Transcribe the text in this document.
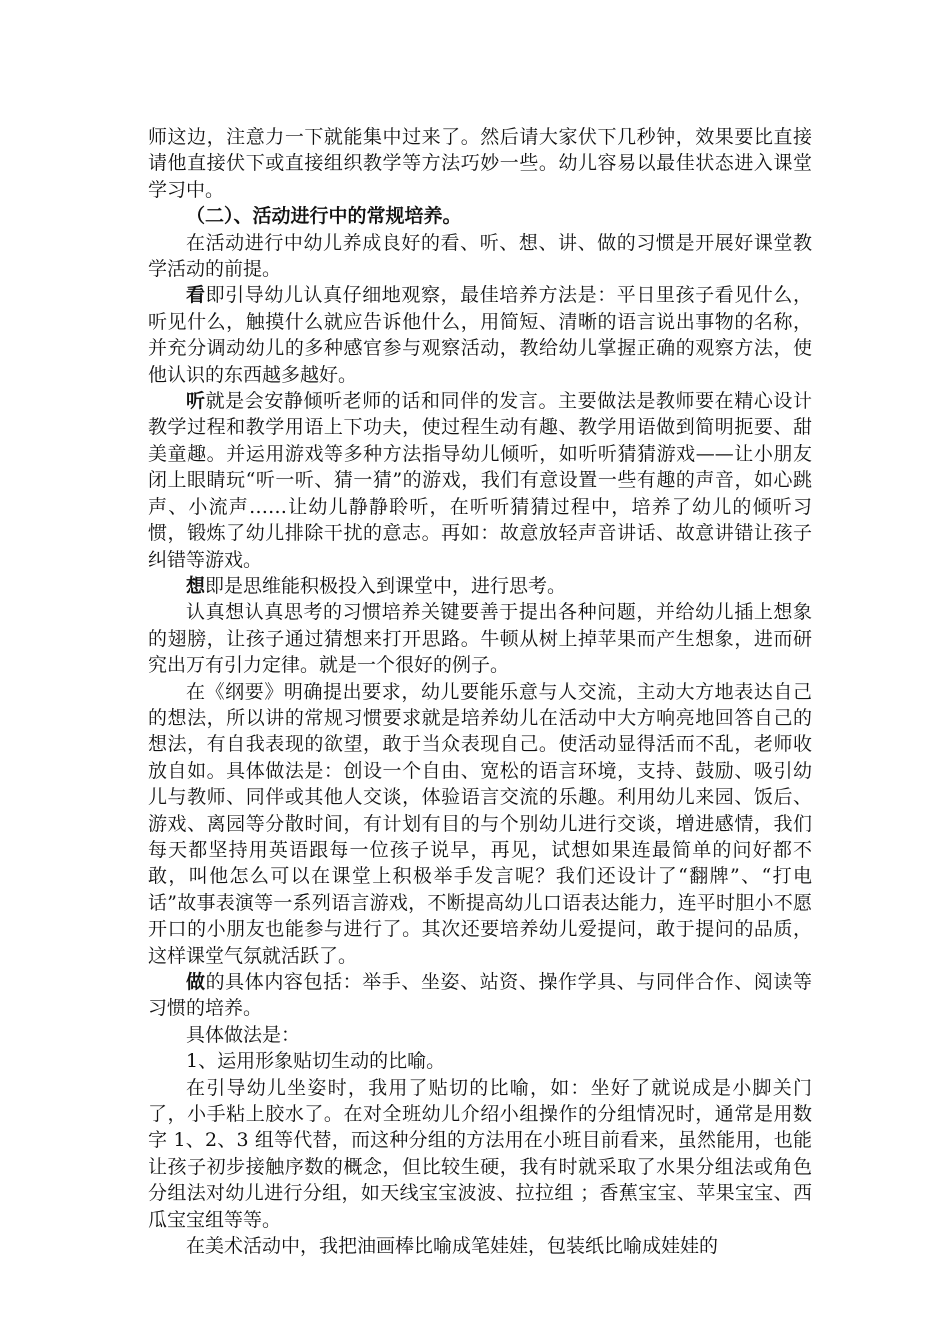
师这边，注意力一下就能集中过来了。然后请大家伏下几秒钟，效果要比直接请他直接伏下或直接组织教学等方法巧妙一些。幼儿容易以最佳状态进入课堂学习中。

（二）、活动进行中的常规培养。

在活动进行中幼儿养成良好的看、听、想、讲、做的习惯是开展好课堂教学活动的前提。

看即引导幼儿认真仔细地观察，最佳培养方法是：平日里孩子看见什么，听见什么，触摸什么就应告诉他什么，用简短、清晰的语言说出事物的名称，并充分调动幼儿的多种感官参与观察活动，教给幼儿掌握正确的观察方法，使他认识的东西越多越好。

听就是会安静倾听老师的话和同伴的发言。主要做法是教师要在精心设计教学过程和教学用语上下功夫，使过程生动有趣、教学用语做到简明扼要、甜美童趣。并运用游戏等多种方法指导幼儿倾听，如听听猜猜游戏——让小朋友闭上眼睛玩“听一听、猜一猜”的游戏，我们有意设置一些有趣的声音，如心跳声、小流声……让幼儿静静聆听，在听听猜猜过程中，培养了幼儿的倾听习惯，锻炼了幼儿排除干扰的意志。再如：故意放轻声音讲话、故意讲错让孩子纠错等游戏。

想即是思维能积极投入到课堂中，进行思考。

认真想认真思考的习惯培养关键要善于提出各种问题，并给幼儿插上想象的翅膀，让孩子通过猜想来打开思路。牛顿从树上掉苹果而产生想象，进而研究出万有引力定律。就是一个很好的例子。

在《纲要》明确提出要求，幼儿要能乐意与人交流，主动大方地表达自己的想法，所以讲的常规习惯要求就是培养幼儿在活动中大方响亮地回答自己的想法，有自我表现的欲望，敢于当众表现自己。使活动显得活而不乱，老师收放自如。具体做法是：创设一个自由、宽松的语言环境，支持、鼓励、吸引幼儿与教师、同伴或其他人交谈，体验语言交流的乐趣。利用幼儿来园、饭后、游戏、离园等分散时间，有计划有目的与个别幼儿进行交谈，增进感情，我们每天都坚持用英语跟每一位孩子说早，再见，试想如果连最简单的问好都不敢，叫他怎么可以在课堂上积极举手发言呢？我们还设计了“翻牌”、“打电话”故事表演等一系列语言游戏，不断提高幼儿口语表达能力，连平时胆小不愿开口的小朋友也能参与进行了。其次还要培养幼儿爱提问，敢于提问的品质，这样课堂气氛就活跃了。

做的具体内容包括：举手、坐姿、站资、操作学具、与同伴合作、阅读等习惯的培养。

具体做法是：

1、运用形象贴切生动的比喻。

在引导幼儿坐姿时，我用了贴切的比喻，如：坐好了就说成是小脚关门了，小手粘上胶水了。在对全班幼儿介绍小组操作的分组情况时，通常是用数字 1、2、3 组等代替，而这种分组的方法用在小班目前看来，虽然能用，也能让孩子初步接触序数的概念，但比较生硬，我有时就采取了水果分组法或角色分组法对幼儿进行分组，如天线宝宝波波、拉拉组 ；香蕉宝宝、苹果宝宝、西瓜宝宝组等等。

在美术活动中，我把油画棒比喻成笔娃娃，包装纸比喻成娃娃的
